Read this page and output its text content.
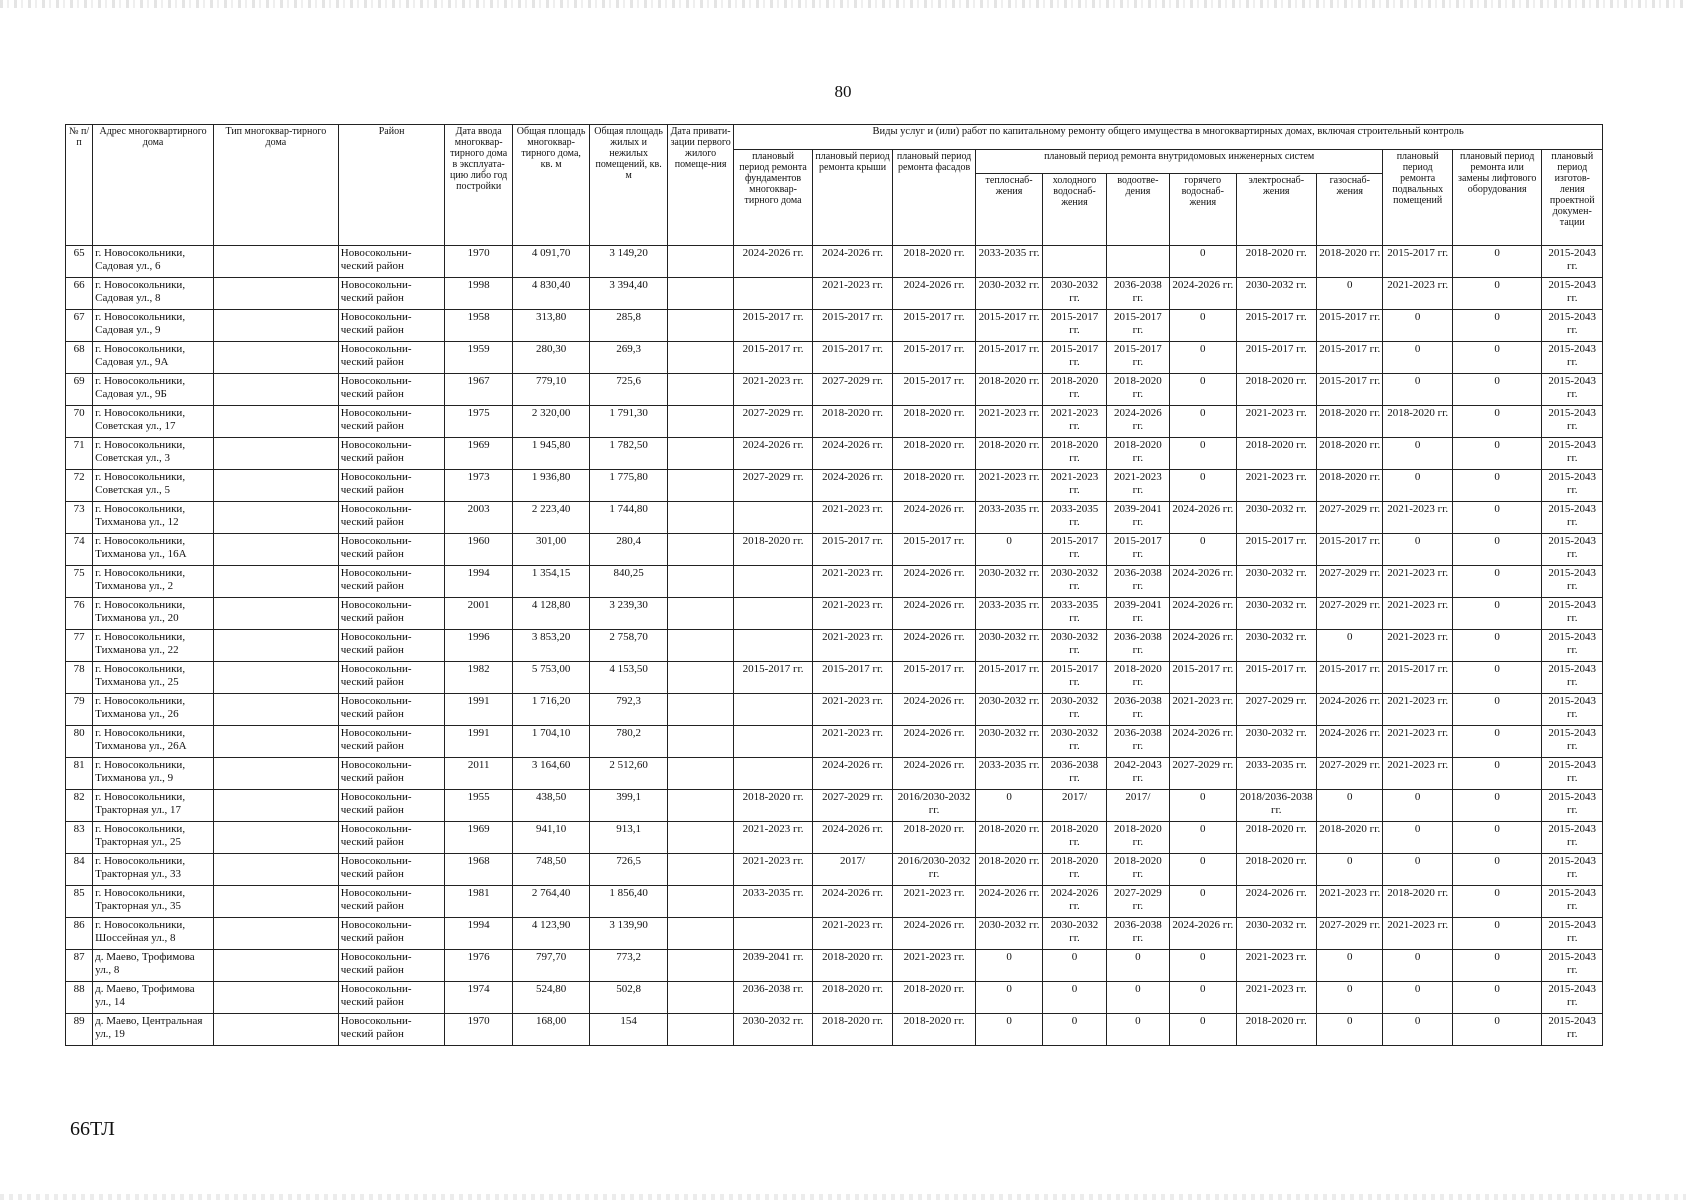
80
№ п/п	Адрес многоквартирного дома	Тип многоквар-тирного дома	Район	Дата ввода многоквар-тирного дома в эксплуата-цию либо год постройки	Общая площадь многоквар-тирного дома, кв. м	Общая площадь жилых и нежилых помещений, кв. м	Дата привати-зации первого жилого помеще-ния	Виды услуг и (или) работ по капитальному ремонту общего имущества в многоквартирных домах, включая строительный контроль											
								плановый период ремонта фундаментов многоквар-тирного дома	плановый период ремонта крыши	плановый период ремонта фасадов	плановый период ремонта внутридомовых инженерных систем						плановый период ремонта подвальных помещений	плановый период ремонта или замены лифтового оборудования	плановый период изготов-ления проектной докумен-тации
											теплоснаб-жения	холодного водоснаб-жения	водоотве-дения	горячего водоснаб-жения	электроснаб-жения	газоснаб-жения			
65	г. Новосокольники, Садовая ул., 6		Новосокольни-ческий район	1970	4 091,70	3 149,20		2024-2026 гг.	2024-2026 гг.	2018-2020 гг.	2033-2035 гг.			0	2018-2020 гг.	2018-2020 гг.	2015-2017 гг.	0	2015-2043 гг.
66	г. Новосокольники, Садовая ул., 8		Новосокольни-ческий район	1998	4 830,40	3 394,40			2021-2023 гг.	2024-2026 гг.	2030-2032 гг.	2030-2032 гг.	2036-2038 гг.	2024-2026 гг.	2030-2032 гг.	0	2021-2023 гг.	0	2015-2043 гг.
67	г. Новосокольники, Садовая ул., 9		Новосокольни-ческий район	1958	313,80	285,8		2015-2017 гг.	2015-2017 гг.	2015-2017 гг.	2015-2017 гг.	2015-2017 гг.	2015-2017 гг.	0	2015-2017 гг.	2015-2017 гг.	0	0	2015-2043 гг.
68	г. Новосокольники, Садовая ул., 9А		Новосокольни-ческий район	1959	280,30	269,3		2015-2017 гг.	2015-2017 гг.	2015-2017 гг.	2015-2017 гг.	2015-2017 гг.	2015-2017 гг.	0	2015-2017 гг.	2015-2017 гг.	0	0	2015-2043 гг.
69	г. Новосокольники, Садовая ул., 9Б		Новосокольни-ческий район	1967	779,10	725,6		2021-2023 гг.	2027-2029 гг.	2015-2017 гг.	2018-2020 гг.	2018-2020 гг.	2018-2020 гг.	0	2018-2020 гг.	2015-2017 гг.	0	0	2015-2043 гг.
70	г. Новосокольники, Советская ул., 17		Новосокольни-ческий район	1975	2 320,00	1 791,30		2027-2029 гг.	2018-2020 гг.	2018-2020 гг.	2021-2023 гг.	2021-2023 гг.	2024-2026 гг.	0	2021-2023 гг.	2018-2020 гг.	2018-2020 гг.	0	2015-2043 гг.
71	г. Новосокольники, Советская ул., 3		Новосокольни-ческий район	1969	1 945,80	1 782,50		2024-2026 гг.	2024-2026 гг.	2018-2020 гг.	2018-2020 гг.	2018-2020 гг.	2018-2020 гг.	0	2018-2020 гг.	2018-2020 гг.	0	0	2015-2043 гг.
72	г. Новосокольники, Советская ул., 5		Новосокольни-ческий район	1973	1 936,80	1 775,80		2027-2029 гг.	2024-2026 гг.	2018-2020 гг.	2021-2023 гг.	2021-2023 гг.	2021-2023 гг.	0	2021-2023 гг.	2018-2020 гг.	0	0	2015-2043 гг.
73	г. Новосокольники, Тихманова ул., 12		Новосокольни-ческий район	2003	2 223,40	1 744,80			2021-2023 гг.	2024-2026 гг.	2033-2035 гг.	2033-2035 гг.	2039-2041 гг.	2024-2026 гг.	2030-2032 гг.	2027-2029 гг.	2021-2023 гг.	0	2015-2043 гг.
74	г. Новосокольники, Тихманова ул., 16А		Новосокольни-ческий район	1960	301,00	280,4		2018-2020 гг.	2015-2017 гг.	2015-2017 гг.	0	2015-2017 гг.	2015-2017 гг.	0	2015-2017 гг.	2015-2017 гг.	0	0	2015-2043 гг.
75	г. Новосокольники, Тихманова ул., 2		Новосокольни-ческий район	1994	1 354,15	840,25			2021-2023 гг.	2024-2026 гг.	2030-2032 гг.	2030-2032 гг.	2036-2038 гг.	2024-2026 гг.	2030-2032 гг.	2027-2029 гг.	2021-2023 гг.	0	2015-2043 гг.
76	г. Новосокольники, Тихманова ул., 20		Новосокольни-ческий район	2001	4 128,80	3 239,30			2021-2023 гг.	2024-2026 гг.	2033-2035 гг.	2033-2035 гг.	2039-2041 гг.	2024-2026 гг.	2030-2032 гг.	2027-2029 гг.	2021-2023 гг.	0	2015-2043 гг.
77	г. Новосокольники, Тихманова ул., 22		Новосокольни-ческий район	1996	3 853,20	2 758,70			2021-2023 гг.	2024-2026 гг.	2030-2032 гг.	2030-2032 гг.	2036-2038 гг.	2024-2026 гг.	2030-2032 гг.	0	2021-2023 гг.	0	2015-2043 гг.
78	г. Новосокольники, Тихманова ул., 25		Новосокольни-ческий район	1982	5 753,00	4 153,50		2015-2017 гг.	2015-2017 гг.	2015-2017 гг.	2015-2017 гг.	2015-2017 гг.	2018-2020 гг.	2015-2017 гг.	2015-2017 гг.	2015-2017 гг.	2015-2017 гг.	0	2015-2043 гг.
79	г. Новосокольники, Тихманова ул., 26		Новосокольни-ческий район	1991	1 716,20	792,3			2021-2023 гг.	2024-2026 гг.	2030-2032 гг.	2030-2032 гг.	2036-2038 гг.	2021-2023 гг.	2027-2029 гг.	2024-2026 гг.	2021-2023 гг.	0	2015-2043 гг.
80	г. Новосокольники, Тихманова ул., 26А		Новосокольни-ческий район	1991	1 704,10	780,2			2021-2023 гг.	2024-2026 гг.	2030-2032 гг.	2030-2032 гг.	2036-2038 гг.	2024-2026 гг.	2030-2032 гг.	2024-2026 гг.	2021-2023 гг.	0	2015-2043 гг.
81	г. Новосокольники, Тихманова ул., 9		Новосокольни-ческий район	2011	3 164,60	2 512,60			2024-2026 гг.	2024-2026 гг.	2033-2035 гг.	2036-2038 гг.	2042-2043 гг.	2027-2029 гг.	2033-2035 гг.	2027-2029 гг.	2021-2023 гг.	0	2015-2043 гг.
82	г. Новосокольники, Тракторная ул., 17		Новосокольни-ческий район	1955	438,50	399,1		2018-2020 гг.	2027-2029 гг.	2016/2030-2032 гг.	0	2017/	2017/	0	2018/2036-2038 гг.	0	0	0	2015-2043 гг.
83	г. Новосокольники, Тракторная ул., 25		Новосокольни-ческий район	1969	941,10	913,1		2021-2023 гг.	2024-2026 гг.	2018-2020 гг.	2018-2020 гг.	2018-2020 гг.	2018-2020 гг.	0	2018-2020 гг.	2018-2020 гг.	0	0	2015-2043 гг.
84	г. Новосокольники, Тракторная ул., 33		Новосокольни-ческий район	1968	748,50	726,5		2021-2023 гг.	2017/	2016/2030-2032 гг.	2018-2020 гг.	2018-2020 гг.	2018-2020 гг.	0	2018-2020 гг.	0	0	0	2015-2043 гг.
85	г. Новосокольники, Тракторная ул., 35		Новосокольни-ческий район	1981	2 764,40	1 856,40		2033-2035 гг.	2024-2026 гг.	2021-2023 гг.	2024-2026 гг.	2024-2026 гг.	2027-2029 гг.	0	2024-2026 гг.	2021-2023 гг.	2018-2020 гг.	0	2015-2043 гг.
86	г. Новосокольники, Шоссейная ул., 8		Новосокольни-ческий район	1994	4 123,90	3 139,90			2021-2023 гг.	2024-2026 гг.	2030-2032 гг.	2030-2032 гг.	2036-2038 гг.	2024-2026 гг.	2030-2032 гг.	2027-2029 гг.	2021-2023 гг.	0	2015-2043 гг.
87	д. Маево, Трофимова ул., 8		Новосокольни-ческий район	1976	797,70	773,2		2039-2041 гг.	2018-2020 гг.	2021-2023 гг.	0	0	0	0	2021-2023 гг.	0	0	0	2015-2043 гг.
88	д. Маево, Трофимова ул., 14		Новосокольни-ческий район	1974	524,80	502,8		2036-2038 гг.	2018-2020 гг.	2018-2020 гг.	0	0	0	0	2021-2023 гг.	0	0	0	2015-2043 гг.
89	д. Маево, Центральная ул., 19		Новосокольни-ческий район	1970	168,00	154		2030-2032 гг.	2018-2020 гг.	2018-2020 гг.	0	0	0	0	2018-2020 гг.	0	0	0	2015-2043 гг.
66ТЛ
